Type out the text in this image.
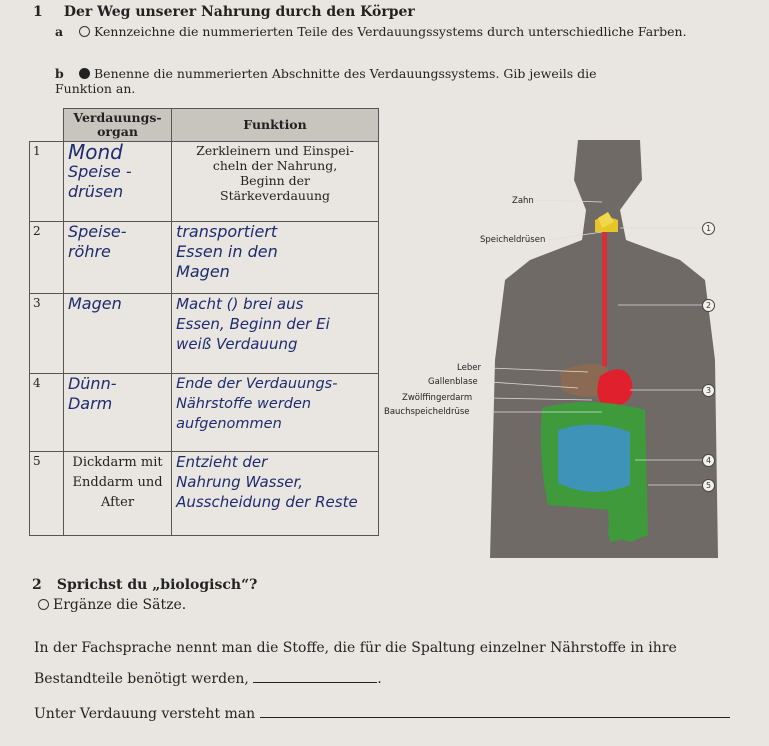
1 Der Weg unserer Nahrung durch den Körper
a Kennzeichne die nummerierten Teile des Verdauungssystems durch unterschiedliche Farben.
b Benenne die nummerierten Abschnitte des Verdauungssystems. Gib jeweils die Funktion an.
	Verdauungs-organ	Funktion
1	Mond
Speise -
drüsen	Zerkleinern und Einspei-
cheln der Nahrung,
Beginn der
Stärkeverdauung

2	Speise-
röhre	transportiert
Essen in den
Magen

3	Magen	Macht () brei aus
Essen, Beginn der Ei
weiß Verdauung

4	Dünn-
Darm	Ende der Verdauungs-
Nährstoffe werden
aufgenommen

5	Dickdarm mit
Enddarm und
After	Entzieht der
Nahrung Wasser,
Ausscheidung der Reste
Zahn
Speicheldrüsen
Leber
Gallenblase
Zwölffingerdarm
Bauchspeicheldrüse
1
2
3
4
5
2 Sprichst du „biologisch“?
Ergänze die Sätze.
In der Fachsprache nennt man die Stoffe, die für die Spaltung einzelner Nährstoffe in ihre
Bestandteile benötigt werden,	.
Unter Verdauung versteht man
